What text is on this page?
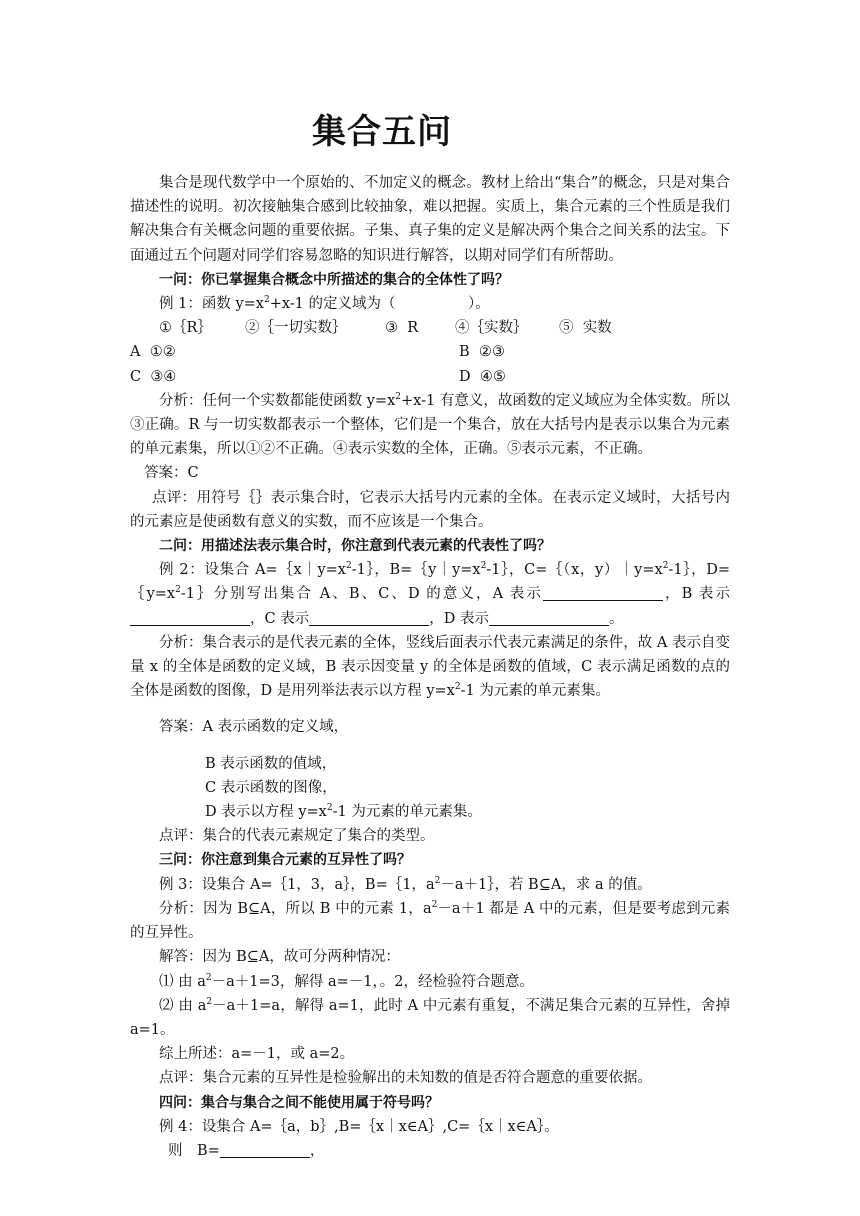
集合五问

集合是现代数学中一个原始的、不加定义的概念。教材上给出“集合”的概念，只是对集合描述性的说明。初次接触集合感到比较抽象，难以把握。实质上，集合元素的三个性质是我们解决集合有关概念问题的重要依据。子集、真子集的定义是解决两个集合之间关系的法宝。下面通过五个问题对同学们容易忽略的知识进行解答，以期对同学们有所帮助。

一问：你已掌握集合概念中所描述的集合的全体性了吗？

例 1：函数 $y=x^2+x-1$ 的定义域为（　　　　　）。

①｛R｝	②｛一切实数｝	③  R	④｛实数｝	⑤  实数
A  ①②	B  ②③
C  ③④	D  ④⑤

分析：任何一个实数都能使函数 $y=x^2+x-1$ 有意义，故函数的定义域应为全体实数。所以③正确。R 与一切实数都表示一个整体，它们是一个集合，放在大括号内是表示以集合为元素的单元素集，所以①②不正确。④表示实数的全体，正确。⑤表示元素，不正确。

答案：C

点评：用符号｛｝表示集合时，它表示大括号内元素的全体。在表示定义域时，大括号内的元素应是使函数有意义的实数，而不应该是一个集合。

二问：用描述法表示集合时，你注意到代表元素的代表性了吗？

例 2：设集合 $A=\{x|y=x^2-1\}$，$B=\{y|y=x^2-1\}$，C=｛（x，$y)|y=x^2-1\}$，$D=\{y=x^2-1\}$分别写出集合 A、B、C、D 的意义，A 表示	，B 表示，C 表示	，D 表示	。

分析：集合表示的是代表元素的全体，竖线后面表示代表元素满足的条件，故 A 表示自变量 x 的全体是函数的定义域，B 表示因变量 y 的全体是函数的值域，C 表示满足函数的点的全体是函数的图像，D 是用列举法表示以方程 $y=x^2-1$ 为元素的单元素集。

答案：A 表示函数的定义域，

B 表示函数的值域，

C 表示函数的图像，

D 表示以方程 $y=x^2-1$ 为元素的单元素集。

点评：集合的代表元素规定了集合的类型。

三问：你注意到集合元素的互异性了吗？

例 3：设集合 A=｛1，3，a｝，B=｛1，$a^2-a+1\}$，若 B⊆A，求 a 的值。

分析：因为 B⊆A，所以 B 中的元素 1，$a^2-a+1$ 都是 A 中的元素，但是要考虑到元素的互异性。

解答：因为 B⊆A，故可分两种情况：

⑴ 由 $a^2-a+1=3$，解得 a=－1，。2，经检验符合题意。

⑵ 由 $a^2-a+1=a$，解得 a=1，此时 A 中元素有重复，不满足集合元素的互异性，舍掉 a=1。

综上所述：a=－1，或 a=2。

点评：集合元素的互异性是检验解出的未知数的值是否符合题意的重要依据。

四问：集合与集合之间不能使用属于符号吗？

例 4：设集合 A=｛a，b｝,B=｛x｜x∈A｝,C=｛x｜x∈A｝。

则　B=	，
